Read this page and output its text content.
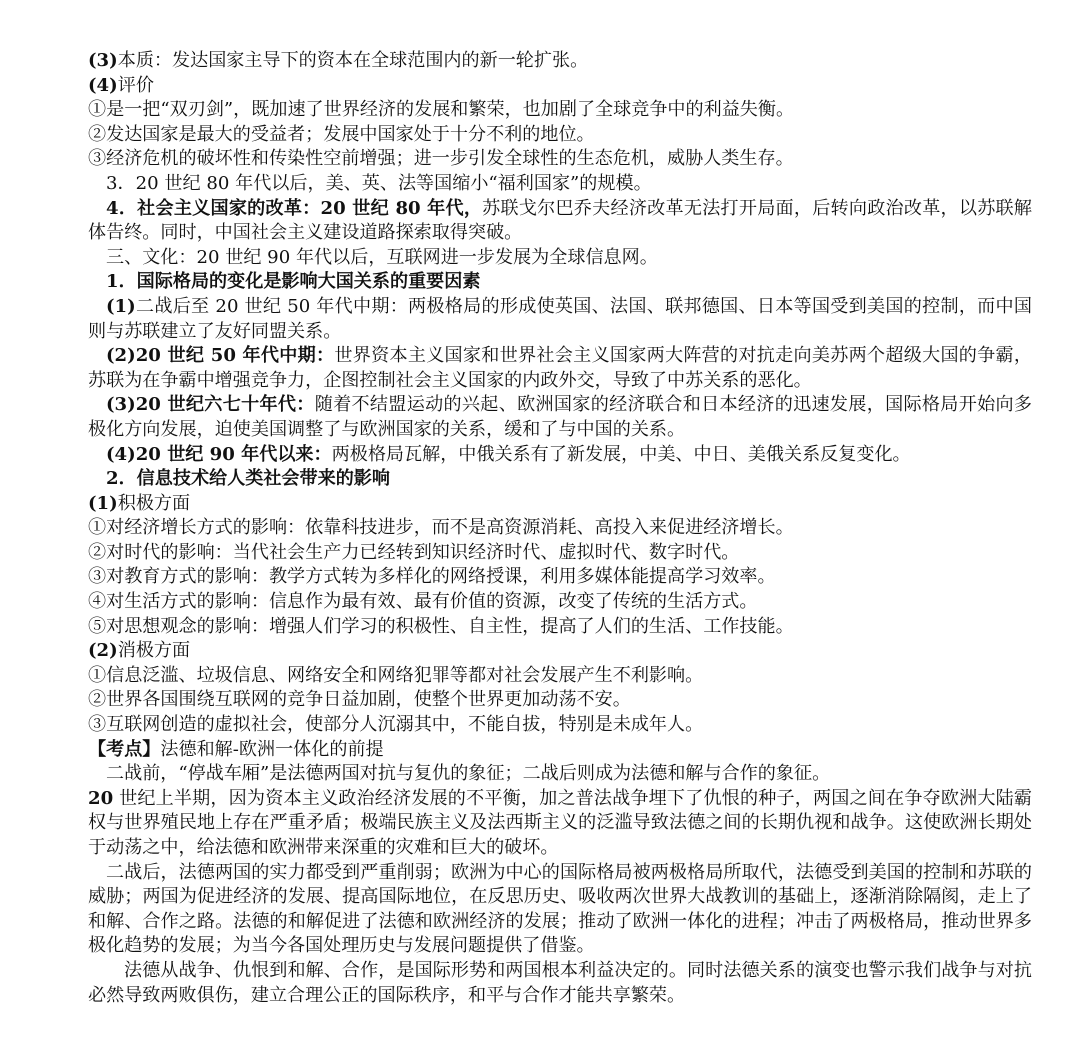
(3)本质：发达国家主导下的资本在全球范围内的新一轮扩张。

(4)评价

①是一把“双刃剑”，既加速了世界经济的发展和繁荣，也加剧了全球竞争中的利益失衡。

②发达国家是最大的受益者；发展中国家处于十分不利的地位。

③经济危机的破坏性和传染性空前增强；进一步引发全球性的生态危机，威胁人类生存。

3．20 世纪 80 年代以后，美、英、法等国缩小“福利国家”的规模。

4．社会主义国家的改革：20 世纪 80 年代，苏联戈尔巴乔夫经济改革无法打开局面，后转向政治改革，以苏联解体告终。同时，中国社会主义建设道路探索取得突破。

三、文化：20 世纪 90 年代以后，互联网进一步发展为全球信息网。

1．国际格局的变化是影响大国关系的重要因素

(1)二战后至 20 世纪 50 年代中期：两极格局的形成使英国、法国、联邦德国、日本等国受到美国的控制，而中国则与苏联建立了友好同盟关系。

(2)20 世纪 50 年代中期：世界资本主义国家和世界社会主义国家两大阵营的对抗走向美苏两个超级大国的争霸，苏联为在争霸中增强竞争力，企图控制社会主义国家的内政外交，导致了中苏关系的恶化。

(3)20 世纪六七十年代：随着不结盟运动的兴起、欧洲国家的经济联合和日本经济的迅速发展，国际格局开始向多极化方向发展，迫使美国调整了与欧洲国家的关系，缓和了与中国的关系。

(4)20 世纪 90 年代以来：两极格局瓦解，中俄关系有了新发展，中美、中日、美俄关系反复变化。

2．信息技术给人类社会带来的影响

(1)积极方面

①对经济增长方式的影响：依靠科技进步，而不是高资源消耗、高投入来促进经济增长。

②对时代的影响：当代社会生产力已经转到知识经济时代、虚拟时代、数字时代。

③对教育方式的影响：教学方式转为多样化的网络授课，利用多媒体能提高学习效率。

④对生活方式的影响：信息作为最有效、最有价值的资源，改变了传统的生活方式。

⑤对思想观念的影响：增强人们学习的积极性、自主性，提高了人们的生活、工作技能。

(2)消极方面

①信息泛滥、垃圾信息、网络安全和网络犯罪等都对社会发展产生不利影响。

②世界各国围绕互联网的竞争日益加剧，使整个世界更加动荡不安。

③互联网创造的虚拟社会，使部分人沉溺其中，不能自拔，特别是未成年人。

【考点】法德和解-欧洲一体化的前提

二战前，“停战车厢”是法德两国对抗与复仇的象征；二战后则成为法德和解与合作的象征。

20 世纪上半期，因为资本主义政治经济发展的不平衡，加之普法战争埋下了仇恨的种子，两国之间在争夺欧洲大陆霸权与世界殖民地上存在严重矛盾；极端民族主义及法西斯主义的泛滥导致法德之间的长期仇视和战争。这使欧洲长期处于动荡之中，给法德和欧洲带来深重的灾难和巨大的破坏。

二战后，法德两国的实力都受到严重削弱；欧洲为中心的国际格局被两极格局所取代，法德受到美国的控制和苏联的威胁；两国为促进经济的发展、提高国际地位，在反思历史、吸收两次世界大战教训的基础上，逐渐消除隔阂，走上了和解、合作之路。法德的和解促进了法德和欧洲经济的发展；推动了欧洲一体化的进程；冲击了两极格局，推动世界多极化趋势的发展；为当今各国处理历史与发展问题提供了借鉴。

法德从战争、仇恨到和解、合作，是国际形势和两国根本利益决定的。同时法德关系的演变也警示我们战争与对抗必然导致两败俱伤，建立合理公正的国际秩序，和平与合作才能共享繁荣。
